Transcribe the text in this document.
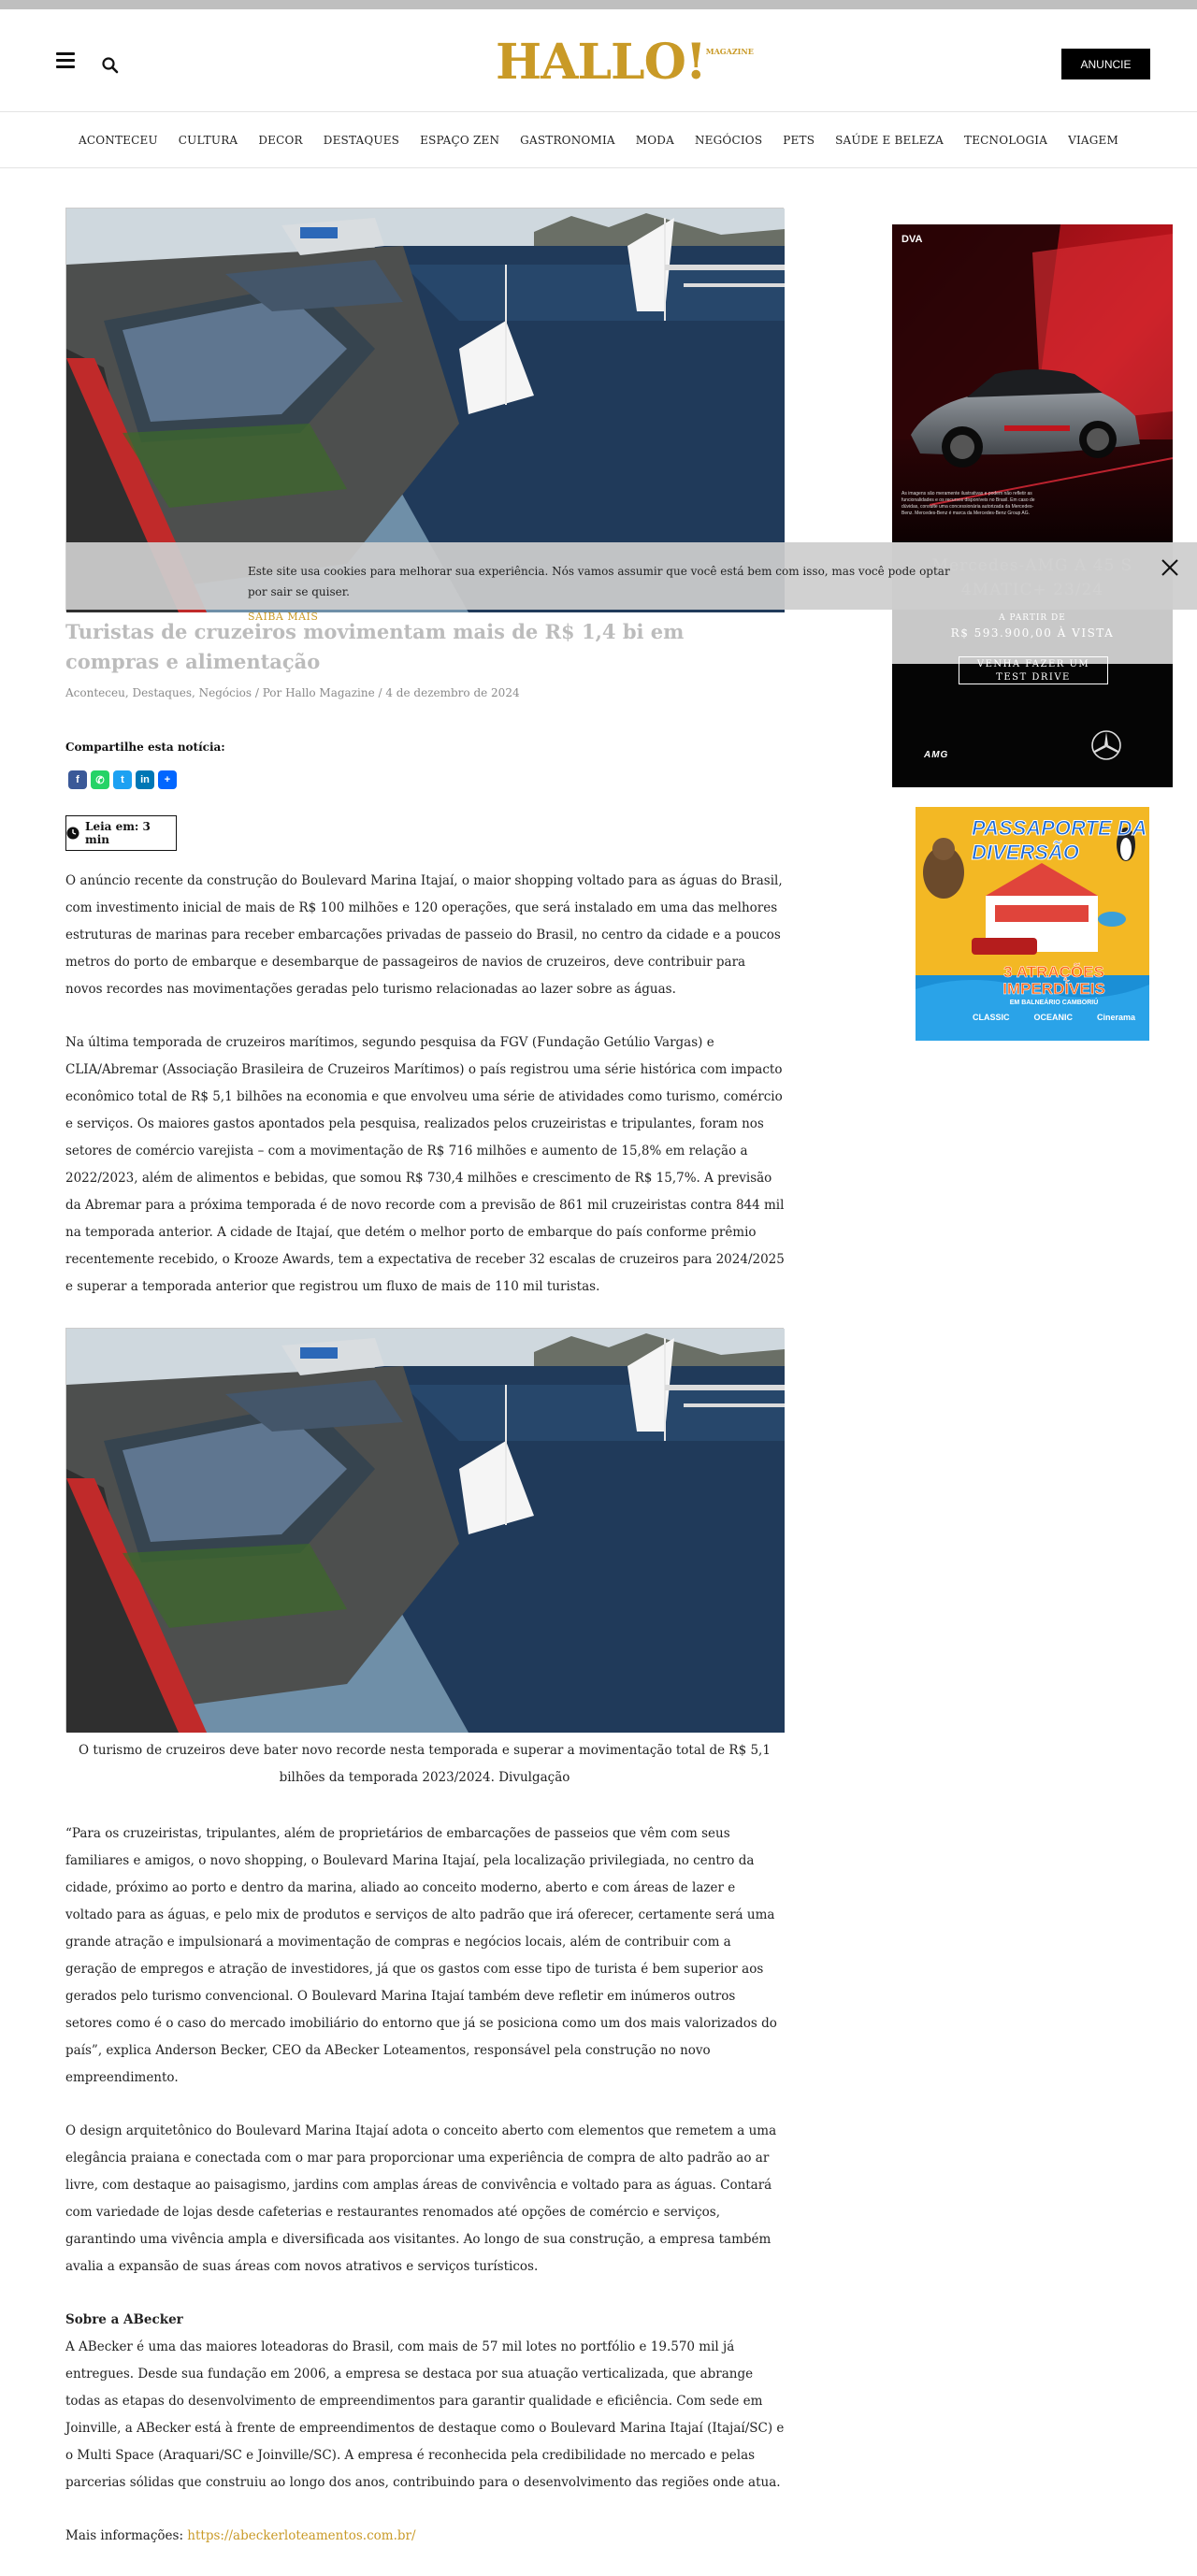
HALLO!$^{MAGAZINE}$
ANUNCIE
ACONTECEU	CULTURA	DECOR	DESTAQUES	ESPAÇO ZEN	GASTRONOMIA	MODA	NEGÓCIOS	PETS	SAÚDE E BELEZA	TECNOLOGIA	VIAGEM
Este site usa cookies para melhorar sua experiência. Nós vamos assumir que você está bem com isso, mas você pode optar por sair se quiser.
SAIBA MAIS
Turistas de cruzeiros movimentam mais de R$ 1,4 bi em compras e alimentação
Aconteceu, Destaques, Negócios / Por Hallo Magazine / 4 de dezembro de 2024
Compartilhe esta notícia:
f	✆	t	in	+
Leia em: 3 min

O anúncio recente da construção do Boulevard Marina Itajaí, o maior shopping voltado para as águas do Brasil, com investimento inicial de mais de R$ 100 milhões e 120 operações, que será instalado em uma das melhores estruturas de marinas para receber embarcações privadas de passeio do Brasil, no centro da cidade e a poucos metros do porto de embarque e desembarque de passageiros de navios de cruzeiros, deve contribuir para novos recordes nas movimentações geradas pelo turismo relacionadas ao lazer sobre as águas.

Na última temporada de cruzeiros marítimos, segundo pesquisa da FGV (Fundação Getúlio Vargas) e CLIA/Abremar (Associação Brasileira de Cruzeiros Marítimos) o país registrou uma série histórica com impacto econômico total de R$ 5,1 bilhões na economia e que envolveu uma série de atividades como turismo, comércio e serviços. Os maiores gastos apontados pela pesquisa, realizados pelos cruzeiristas e tripulantes, foram nos setores de comércio varejista – com a movimentação de R$ 716 milhões e aumento de 15,8% em relação a 2022/2023, além de alimentos e bebidas, que somou R$ 730,4 milhões e crescimento de R$ 15,7%. A previsão da Abremar para a próxima temporada é de novo recorde com a previsão de 861 mil cruzeiristas contra 844 mil na temporada anterior. A cidade de Itajaí, que detém o melhor porto de embarque do país conforme prêmio recentemente recebido, o Krooze Awards, tem a expectativa de receber 32 escalas de cruzeiros para 2024/2025 e superar a temporada anterior que registrou um fluxo de mais de 110 mil turistas.

O turismo de cruzeiros deve bater novo recorde nesta temporada e superar a movimentação total de R$ 5,1 bilhões da temporada 2023/2024. Divulgação

“Para os cruzeiristas, tripulantes, além de proprietários de embarcações de passeios que vêm com seus familiares e amigos, o novo shopping, o Boulevard Marina Itajaí, pela localização privilegiada, no centro da cidade, próximo ao porto e dentro da marina, aliado ao conceito moderno, aberto e com áreas de lazer e voltado para as águas, e pelo mix de produtos e serviços de alto padrão que irá oferecer, certamente será uma grande atração e impulsionará a movimentação de compras e negócios locais, além de contribuir com a geração de empregos e atração de investidores, já que os gastos com esse tipo de turista é bem superior aos gerados pelo turismo convencional. O Boulevard Marina Itajaí também deve refletir em inúmeros outros setores como é o caso do mercado imobiliário do entorno que já se posiciona como um dos mais valorizados do país”, explica Anderson Becker, CEO da ABecker Loteamentos, responsável pela construção no novo empreendimento.

O design arquitetônico do Boulevard Marina Itajaí adota o conceito aberto com elementos que remetem a uma elegância praiana e conectada com o mar para proporcionar uma experiência de compra de alto padrão ao ar livre, com destaque ao paisagismo, jardins com amplas áreas de convivência e voltado para as águas. Contará com variedade de lojas desde cafeterias e restaurantes renomados até opções de comércio e serviços, garantindo uma vivência ampla e diversificada aos visitantes. Ao longo de sua construção, a empresa também avalia a expansão de suas áreas com novos atrativos e serviços turísticos.

Sobre a ABecker

A ABecker é uma das maiores loteadoras do Brasil, com mais de 57 mil lotes no portfólio e 19.570 mil já entregues. Desde sua fundação em 2006, a empresa se destaca por sua atuação verticalizada, que abrange todas as etapas do desenvolvimento de empreendimentos para garantir qualidade e eficiência. Com sede em Joinville, a ABecker está à frente de empreendimentos de destaque como o Boulevard Marina Itajaí (Itajaí/SC) e o Multi Space (Araquari/SC e Joinville/SC). A empresa é reconhecida pela credibilidade no mercado e pelas parcerias sólidas que construiu ao longo dos anos, contribuindo para o desenvolvimento das regiões onde atua.

Mais informações: https://abeckerloteamentos.com.br/

DVA
As imagens são meramente ilustrativas e podem não refletir as funcionalidades e os recursos disponíveis no Brasil. Em caso de dúvidas, consulte uma concessionária autorizada da Mercedes-Benz. Mercedes-Benz é marca da Mercedes-Benz Group AG.
A PARTIR DE
R$ 593.900,00 À VISTA
VENHA FAZER UM TEST DRIVE
AMG
PASSAPORTE DA DIVERSÃO
3 ATRAÇÕES IMPERDÍVEIS
EM BALNEÁRIO CAMBORIÚ
CLASSIC	OCEANIC	Cinerama
